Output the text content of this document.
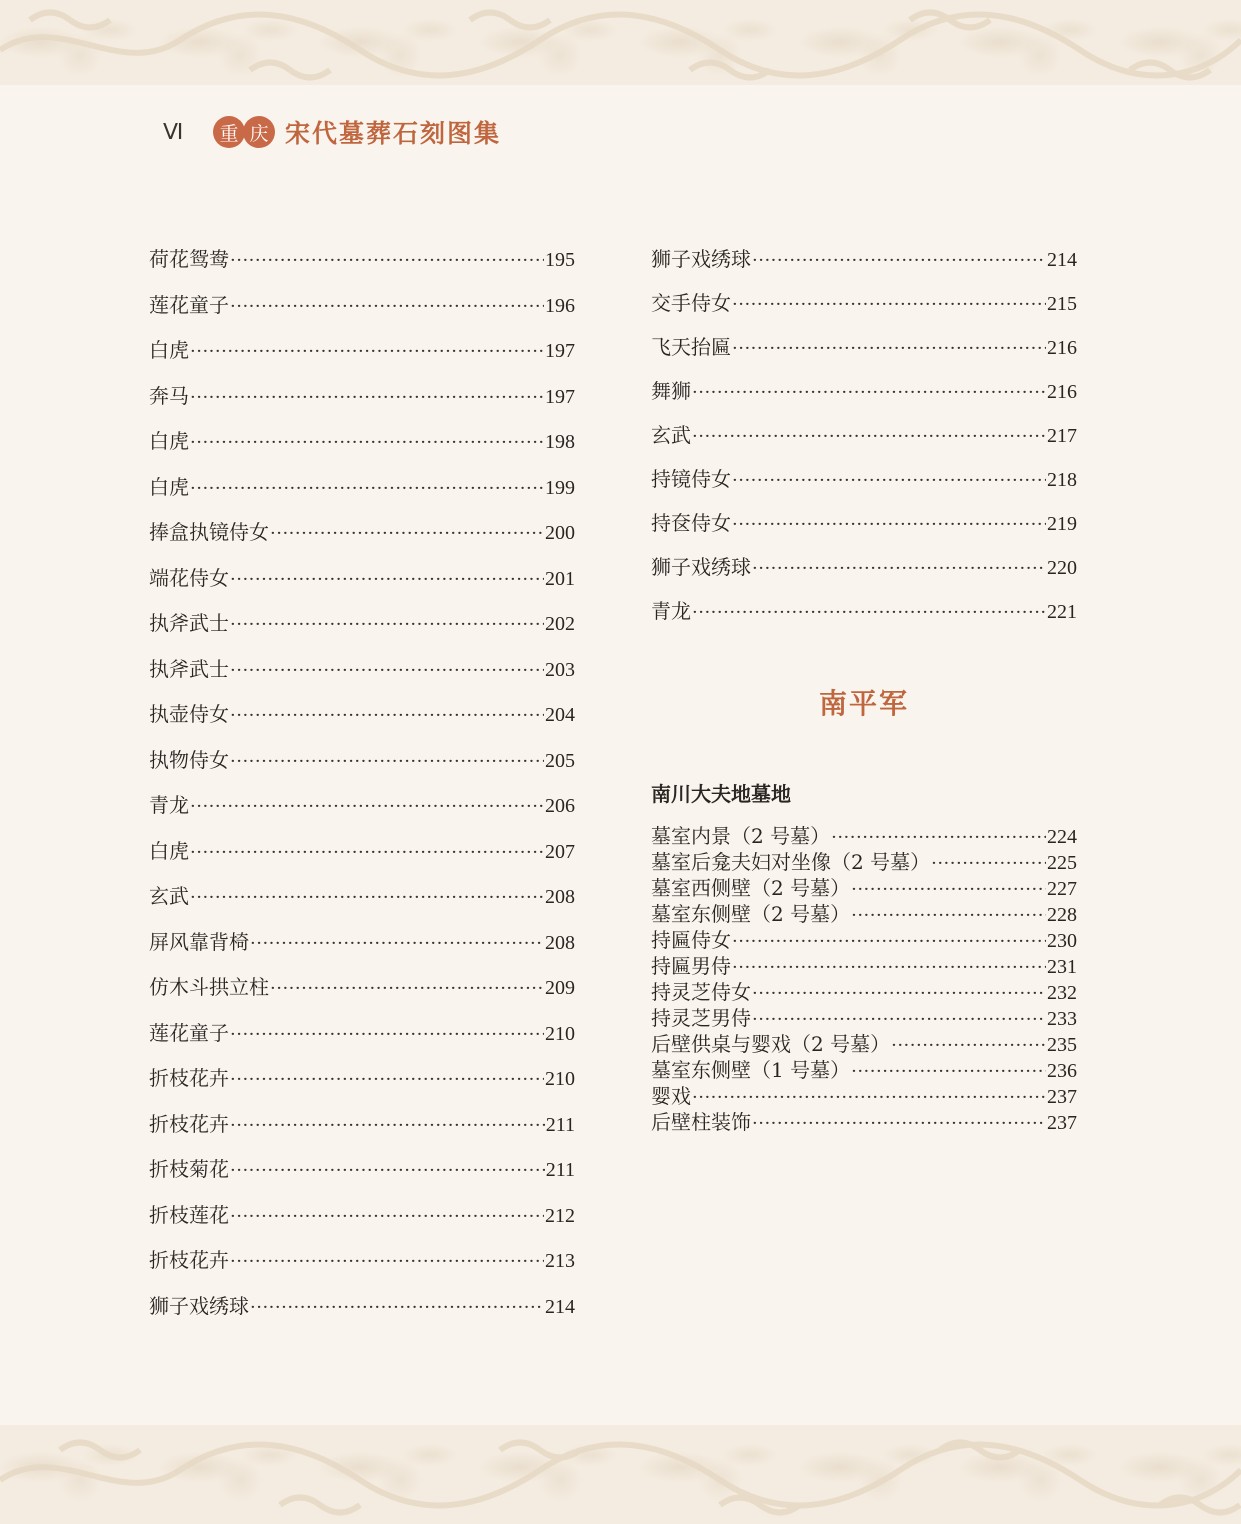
Ⅵ	重 庆 宋代墓葬石刻图集
荷花鸳鸯 ·····	195
莲花童子 ·····	196
白虎 ·····	197
奔马 ·····	197
白虎 ·····	198
白虎 ·····	199
捧盒执镜侍女 ·····	200
端花侍女 ·····	201
执斧武士 ·····	202
执斧武士 ·····	203
执壶侍女 ·····	204
执物侍女 ·····	205
青龙 ·····	206
白虎 ·····	207
玄武 ·····	208
屏风靠背椅 ·····	208
仿木斗拱立柱 ·····	209
莲花童子 ·····	210
折枝花卉 ·····	210
折枝花卉 ·····	211
折枝菊花 ·····	211
折枝莲花 ·····	212
折枝花卉 ·····	213
狮子戏绣球 ·····	214
狮子戏绣球 ·····	214
交手侍女 ·····	215
飞天抬匾 ·····	216
舞狮 ·····	216
玄武 ·····	217
持镜侍女 ·····	218
持奁侍女 ·····	219
狮子戏绣球 ·····	220
青龙 ·····	221
南平军
南川大夫地墓地
墓室内景（2 号墓） ·····	224
墓室后龛夫妇对坐像（2 号墓） ·····	225
墓室西侧壁（2 号墓） ·····	227
墓室东侧壁（2 号墓） ·····	228
持匾侍女 ·····	230
持匾男侍 ·····	231
持灵芝侍女 ·····	232
持灵芝男侍 ·····	233
后壁供桌与婴戏（2 号墓） ·····	235
墓室东侧壁（1 号墓） ·····	236
婴戏 ·····	237
后壁柱装饰 ·····	237
